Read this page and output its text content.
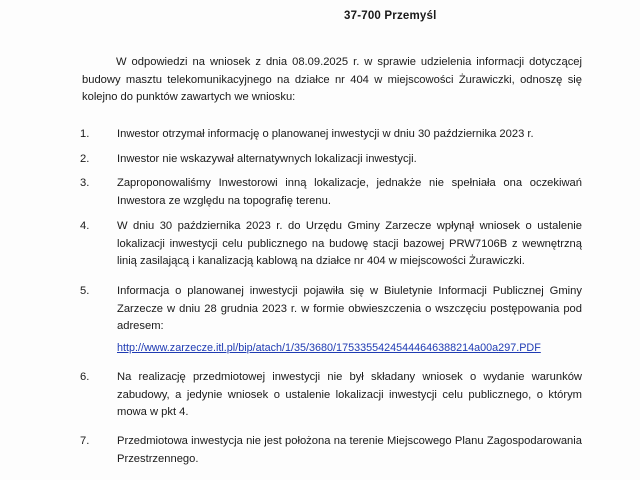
37-700 Przemyśl
W odpowiedzi na wniosek z dnia 08.09.2025 r. w sprawie udzielenia informacji dotyczącej budowy masztu telekomunikacyjnego na działce nr 404 w miejscowości Żurawiczki, odnoszę się kolejno do punktów zawartych we wniosku:
1.	Inwestor otrzymał informację o planowanej inwestycji w dniu 30 października 2023 r.
2.	Inwestor nie wskazywał alternatywnych lokalizacji inwestycji.
3.	Zaproponowaliśmy Inwestorowi inną lokalizacje, jednakże nie spełniała ona oczekiwań Inwestora ze względu na topografię terenu.
4.	W dniu 30 października 2023 r. do Urzędu Gminy Zarzecze wpłynął wniosek o ustalenie lokalizacji inwestycji celu publicznego na budowę stacji bazowej PRW7106B z wewnętrzną linią zasilającą i kanalizacją kablową na działce nr 404 w miejscowości Żurawiczki.
5.	Informacja o planowanej inwestycji pojawiła się w Biuletynie Informacji Publicznej Gminy Zarzecze w dniu 28 grudnia 2023 r. w formie obwieszczenia o wszczęciu postępowania pod adresem:
http://www.zarzecze.itl.pl/bip/atach/1/35/3680/17533554245444646388214a00a297.PDF
6.	Na realizację przedmiotowej inwestycji nie był składany wniosek o wydanie warunków zabudowy, a jedynie wniosek o ustalenie lokalizacji inwestycji celu publicznego, o którym mowa w pkt 4.
7.	Przedmiotowa inwestycja nie jest położona na terenie Miejscowego Planu Zagospodarowania Przestrzennego.
